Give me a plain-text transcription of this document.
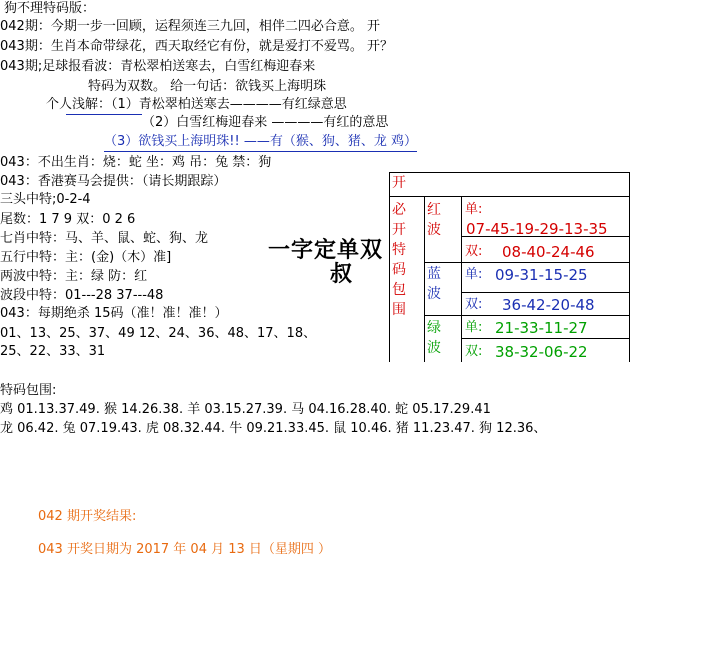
狗不理特码版：
042期：今期一步一回顾，运程须连三九回，相伴二四必合意。 开
043期：生肖本命带绿花，西天取经它有份，就是爱打不爱骂。 开？
043期;足球报看波：青松翠柏送寒去，白雪红梅迎春来
特码为双数。 给一句话：欲钱买上海明珠
个人浅解：（1）青松翠柏送寒去————有红绿意思
（2）白雪红梅迎春来 ————有红的意思
（3）欲钱买上海明珠!! ——有（猴、狗、猪、龙 鸡）
043：不出生肖：烧：蛇 坐：鸡 吊：兔 禁：狗
043：香港赛马会提供：（请长期跟踪）
三头中特;0-2-4
尾数：1 7 9 双：0 2 6
七肖中特：马、羊、鼠、蛇、狗、龙
五行中特：主：(金)（木）准]
两波中特：主：绿 防：红
波段中特：01---28 37---48
043：每期绝杀 15码（准！准！准！）
01、13、25、37、49 12、24、36、48、17、18、
25、22、33、31
一字定单双
叔
开
必开特码包围
红波
蓝波
绿波
单:
07-45-19-29-13-35
双: 08-40-24-46
单: 09-31-15-25
双: 36-42-20-48
单: 21-33-11-27
双: 38-32-06-22
特码包围:
鸡 01.13.37.49. 猴 14.26.38. 羊 03.15.27.39. 马 04.16.28.40. 蛇 05.17.29.41
龙 06.42. 兔 07.19.43. 虎 08.32.44. 牛 09.21.33.45. 鼠 10.46. 猪 11.23.47. 狗 12.36、
042 期开奖结果:
043 开奖日期为 2017 年 04 月 13 日（星期四 ）
